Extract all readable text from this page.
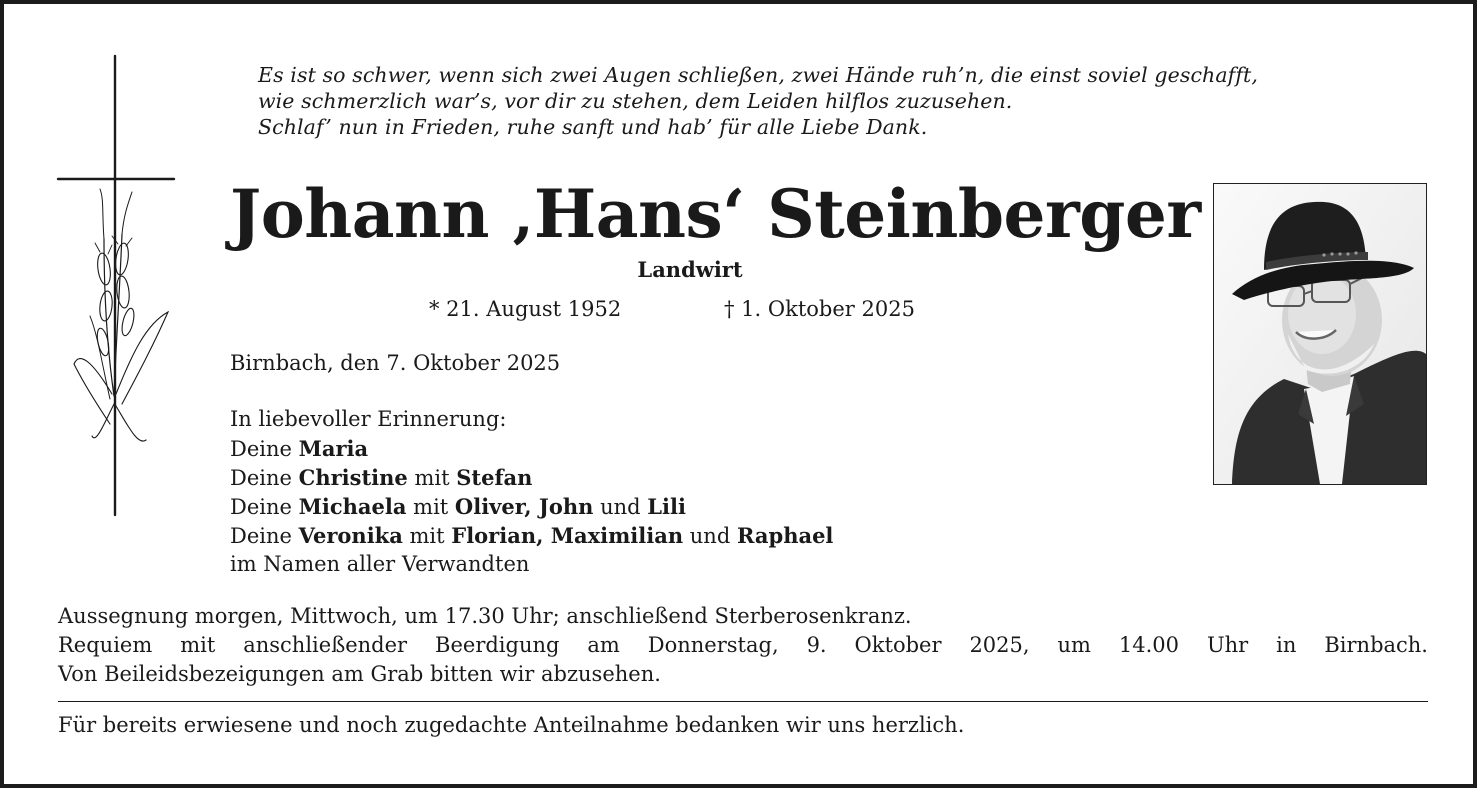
Es ist so schwer, wenn sich zwei Augen schließen, zwei Hände ruh’n, die einst soviel geschafft,
wie schmerzlich war’s, vor dir zu stehen, dem Leiden hilflos zuzusehen.
Schlaf’ nun in Frieden, ruhe sanft und hab’ für alle Liebe Dank.
Johann ‚Hans‘ Steinberger
Landwirt
* 21. August 1952	† 1. Oktober 2025
Birnbach, den 7. Oktober 2025
In liebevoller Erinnerung:
Deine Maria
Deine Christine mit Stefan
Deine Michaela mit Oliver, John und Lili
Deine Veronika mit Florian, Maximilian und Raphael
im Namen aller Verwandten
Aussegnung morgen, Mittwoch, um 17.30 Uhr; anschließend Sterberosenkranz.
Requiem mit anschließender Beerdigung am Donnerstag, 9. Oktober 2025, um 14.00 Uhr in Birnbach.
Von Beileidsbezeigungen am Grab bitten wir abzusehen.
Für bereits erwiesene und noch zugedachte Anteilnahme bedanken wir uns herzlich.
